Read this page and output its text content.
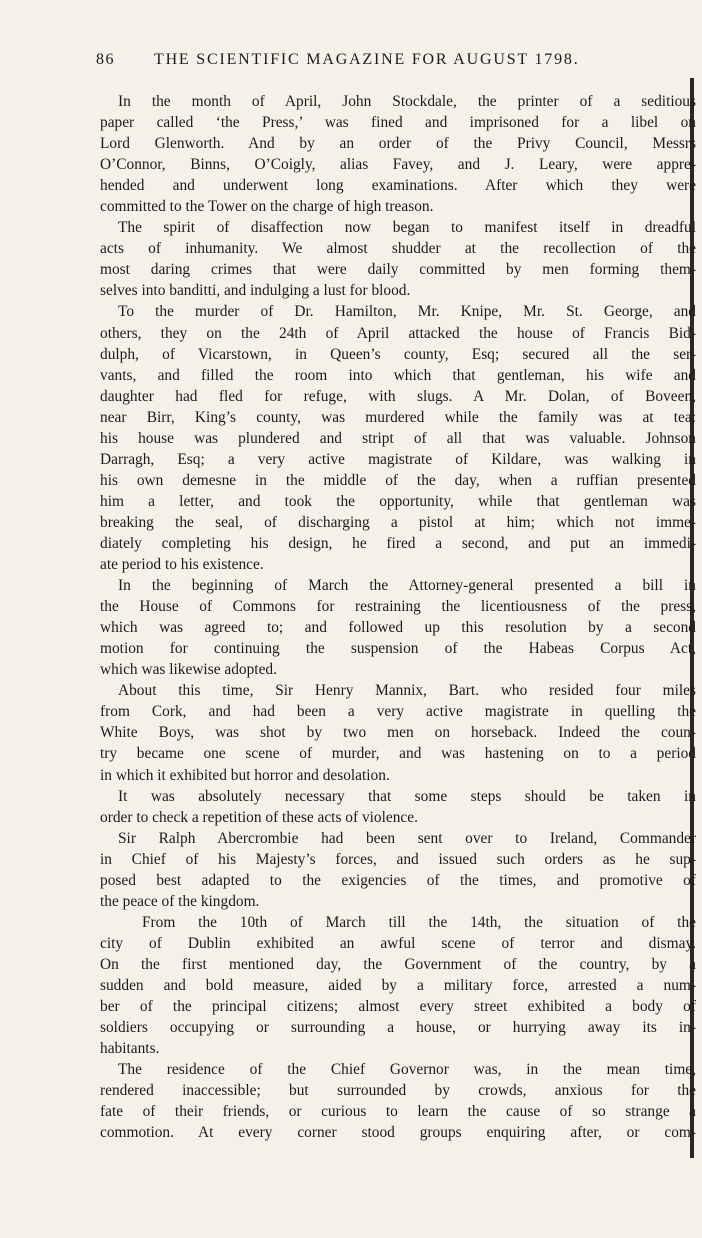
86 THE SCIENTIFIC MAGAZINE FOR AUGUST 1798.
In the month of April, John Stockdale, the printer of a seditious
paper called ‘the Press,’ was fined and imprisoned for a libel on
Lord Glenworth. And by an order of the Privy Council, Messrs
O’Connor, Binns, O’Coigly, alias Favey, and J. Leary, were appre-
hended and underwent long examinations. After which they were
committed to the Tower on the charge of high treason.
The spirit of disaffection now began to manifest itself in dreadful
acts of inhumanity. We almost shudder at the recollection of the
most daring crimes that were daily committed by men forming them-
selves into banditti, and indulging a lust for blood.
To the murder of Dr. Hamilton, Mr. Knipe, Mr. St. George, and
others, they on the 24th of April attacked the house of Francis Bid-
dulph, of Vicarstown, in Queen’s county, Esq; secured all the ser-
vants, and filled the room into which that gentleman, his wife and
daughter had fled for refuge, with slugs. A Mr. Dolan, of Boveen,
near Birr, King’s county, was murdered while the family was at tea:
his house was plundered and stript of all that was valuable. Johnson
Darragh, Esq; a very active magistrate of Kildare, was walking in
his own demesne in the middle of the day, when a ruffian presented
him a letter, and took the opportunity, while that gentleman was
breaking the seal, of discharging a pistol at him; which not imme-
diately completing his design, he fired a second, and put an immedi-
ate period to his existence.
In the beginning of March the Attorney-general presented a bill in
the House of Commons for restraining the licentiousness of the press,
which was agreed to; and followed up this resolution by a second
motion for continuing the suspension of the Habeas Corpus Act,
which was likewise adopted.
About this time, Sir Henry Mannix, Bart. who resided four miles
from Cork, and had been a very active magistrate in quelling the
White Boys, was shot by two men on horseback. Indeed the coun-
try became one scene of murder, and was hastening on to a period
in which it exhibited but horror and desolation.
It was absolutely necessary that some steps should be taken in
order to check a repetition of these acts of violence.
Sir Ralph Abercrombie had been sent over to Ireland, Commander
in Chief of his Majesty’s forces, and issued such orders as he sup-
posed best adapted to the exigencies of the times, and promotive of
the peace of the kingdom.
From the 10th of March till the 14th, the situation of the
city of Dublin exhibited an awful scene of terror and dismay.
On the first mentioned day, the Government of the country, by a
sudden and bold measure, aided by a military force, arrested a num-
ber of the principal citizens; almost every street exhibited a body of
soldiers occupying or surrounding a house, or hurrying away its in-
habitants.
The residence of the Chief Governor was, in the mean time,
rendered inaccessible; but surrounded by crowds, anxious for the
fate of their friends, or curious to learn the cause of so strange a
commotion. At every corner stood groups enquiring after, or com-
